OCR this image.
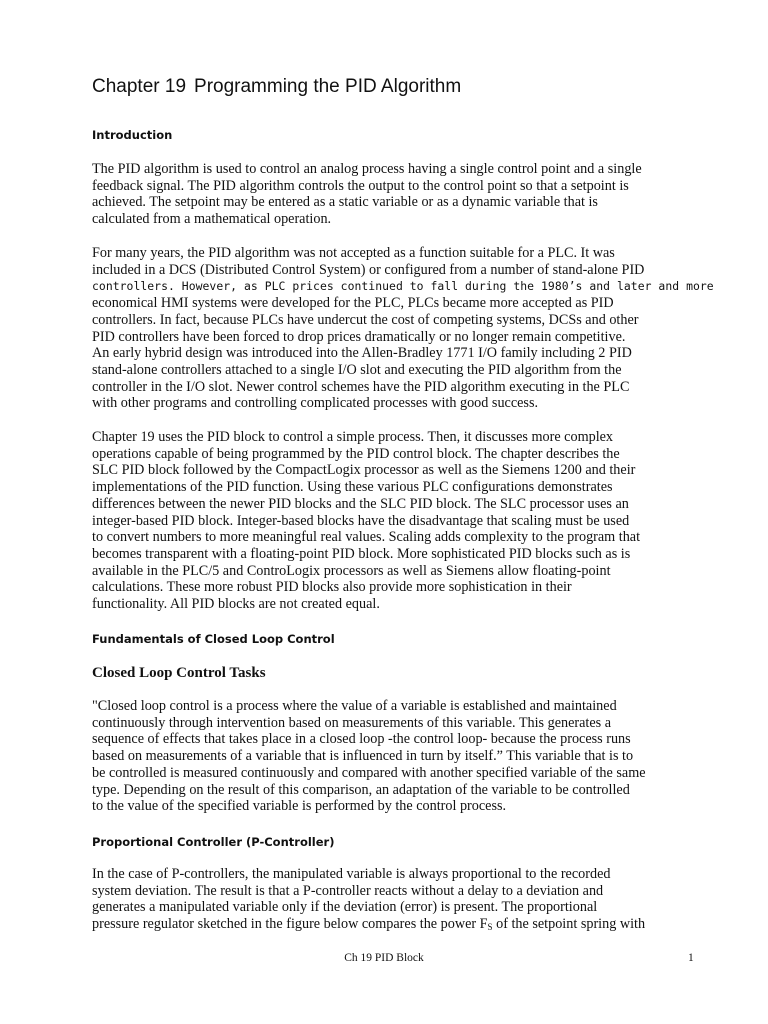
Chapter 19 Programming the PID Algorithm
Introduction

The PID algorithm is used to control an analog process having a single control point and a single
feedback signal. The PID algorithm controls the output to the control point so that a setpoint is
achieved. The setpoint may be entered as a static variable or as a dynamic variable that is
calculated from a mathematical operation.

For many years, the PID algorithm was not accepted as a function suitable for a PLC. It was
included in a DCS (Distributed Control System) or configured from a number of stand-alone PID
controllers. However, as PLC prices continued to fall during the 1980’s and later and more
economical HMI systems were developed for the PLC, PLCs became more accepted as PID
controllers. In fact, because PLCs have undercut the cost of competing systems, DCSs and other
PID controllers have been forced to drop prices dramatically or no longer remain competitive.
An early hybrid design was introduced into the Allen-Bradley 1771 I/O family including 2 PID
stand-alone controllers attached to a single I/O slot and executing the PID algorithm from the
controller in the I/O slot. Newer control schemes have the PID algorithm executing in the PLC
with other programs and controlling complicated processes with good success.

Chapter 19 uses the PID block to control a simple process. Then, it discusses more complex
operations capable of being programmed by the PID control block. The chapter describes the
SLC PID block followed by the CompactLogix processor as well as the Siemens 1200 and their
implementations of the PID function. Using these various PLC configurations demonstrates
differences between the newer PID blocks and the SLC PID block. The SLC processor uses an
integer-based PID block. Integer-based blocks have the disadvantage that scaling must be used
to convert numbers to more meaningful real values. Scaling adds complexity to the program that
becomes transparent with a floating-point PID block. More sophisticated PID blocks such as is
available in the PLC/5 and ControLogix processors as well as Siemens allow floating-point
calculations. These more robust PID blocks also provide more sophistication in their
functionality. All PID blocks are not created equal.

Fundamentals of Closed Loop Control
Closed Loop Control Tasks

"Closed loop control is a process where the value of a variable is established and maintained
continuously through intervention based on measurements of this variable. This generates a
sequence of effects that takes place in a closed loop -the control loop- because the process runs
based on measurements of a variable that is influenced in turn by itself.” This variable that is to
be controlled is measured continuously and compared with another specified variable of the same
type. Depending on the result of this comparison, an adaptation of the variable to be controlled
to the value of the specified variable is performed by the control process.

Proportional Controller (P-Controller)

In the case of P-controllers, the manipulated variable is always proportional to the recorded
system deviation. The result is that a P-controller reacts without a delay to a deviation and
generates a manipulated variable only if the deviation (error) is present. The proportional
pressure regulator sketched in the figure below compares the power $F_S$ of the setpoint spring with

Ch 19 PID Block	1
